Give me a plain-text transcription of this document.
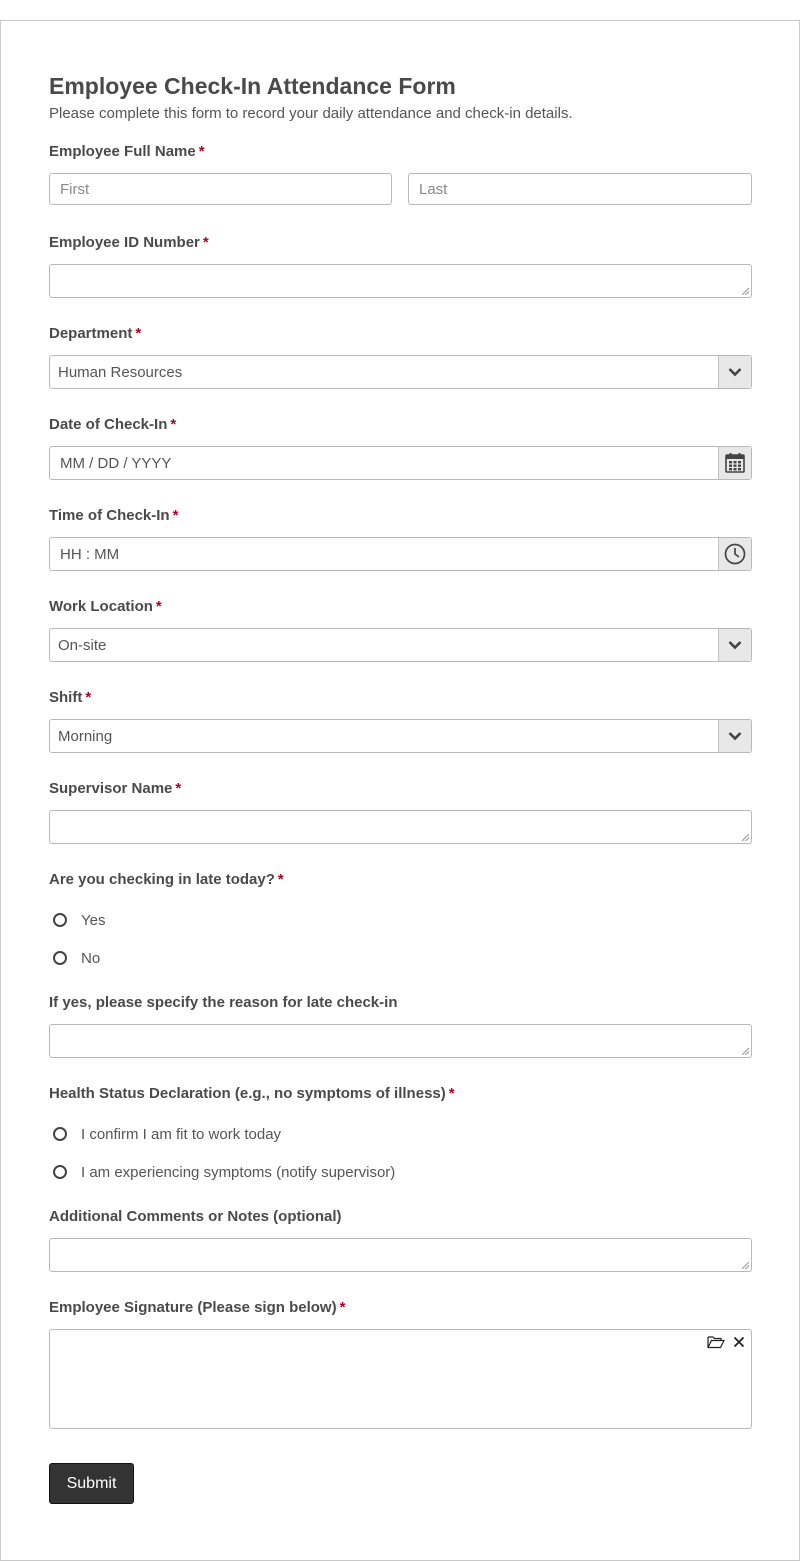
Employee Check-In Attendance Form
Please complete this form to record your daily attendance and check-in details.
Employee Full Name *
First	Last
Employee ID Number *
Department *
Human Resources
Date of Check-In *
MM / DD / YYYY
Time of Check-In *
HH : MM
Work Location *
On-site
Shift *
Morning
Supervisor Name *
Are you checking in late today? *
Yes
No
If yes, please specify the reason for late check-in
Health Status Declaration (e.g., no symptoms of illness) *
I confirm I am fit to work today
I am experiencing symptoms (notify supervisor)
Additional Comments or Notes (optional)
Employee Signature (Please sign below) *
Submit
